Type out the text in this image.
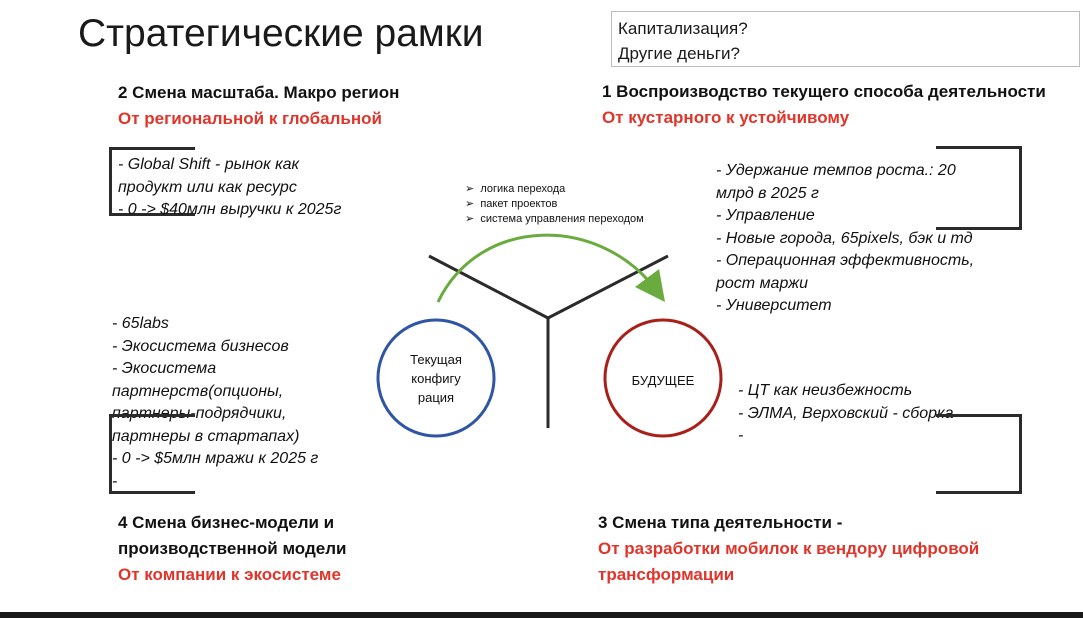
Стратегические рамки	Капитализация?
Другие деньги?
2 Смена масштаба. Макро регион
От региональной к глобальной
1 Воспроизводство текущего способа деятельности
От кустарного к устойчивому
- Global Shift - рынок как
продукт или как ресурс
- 0 -> $40млн выручки к 2025г
- Удержание темпов роста.: 20
млрд в 2025 г
- Управление
- Новые города, 65pixels, бэк и тд
- Операционная эффективность,
рост маржи
- Университет
➢ логика перехода
➢ пакет проектов
➢ система управления переходом
Текущая
конфигу
рация
БУДУЩЕЕ
- 65labs
- Экосистема бизнесов
- Экосистема
партнерств(опционы,
партнеры-подрядчики,
партнеры в стартапах)
- 0 -> $5млн мражи к 2025 г
-
- ЦТ как неизбежность
- ЭЛМА, Верховский - сборка
-
4 Смена бизнес-модели и
производственной модели
От компании к экосистеме
3 Смена типа деятельности -
От разработки мобилок к вендору цифровой
трансформации
